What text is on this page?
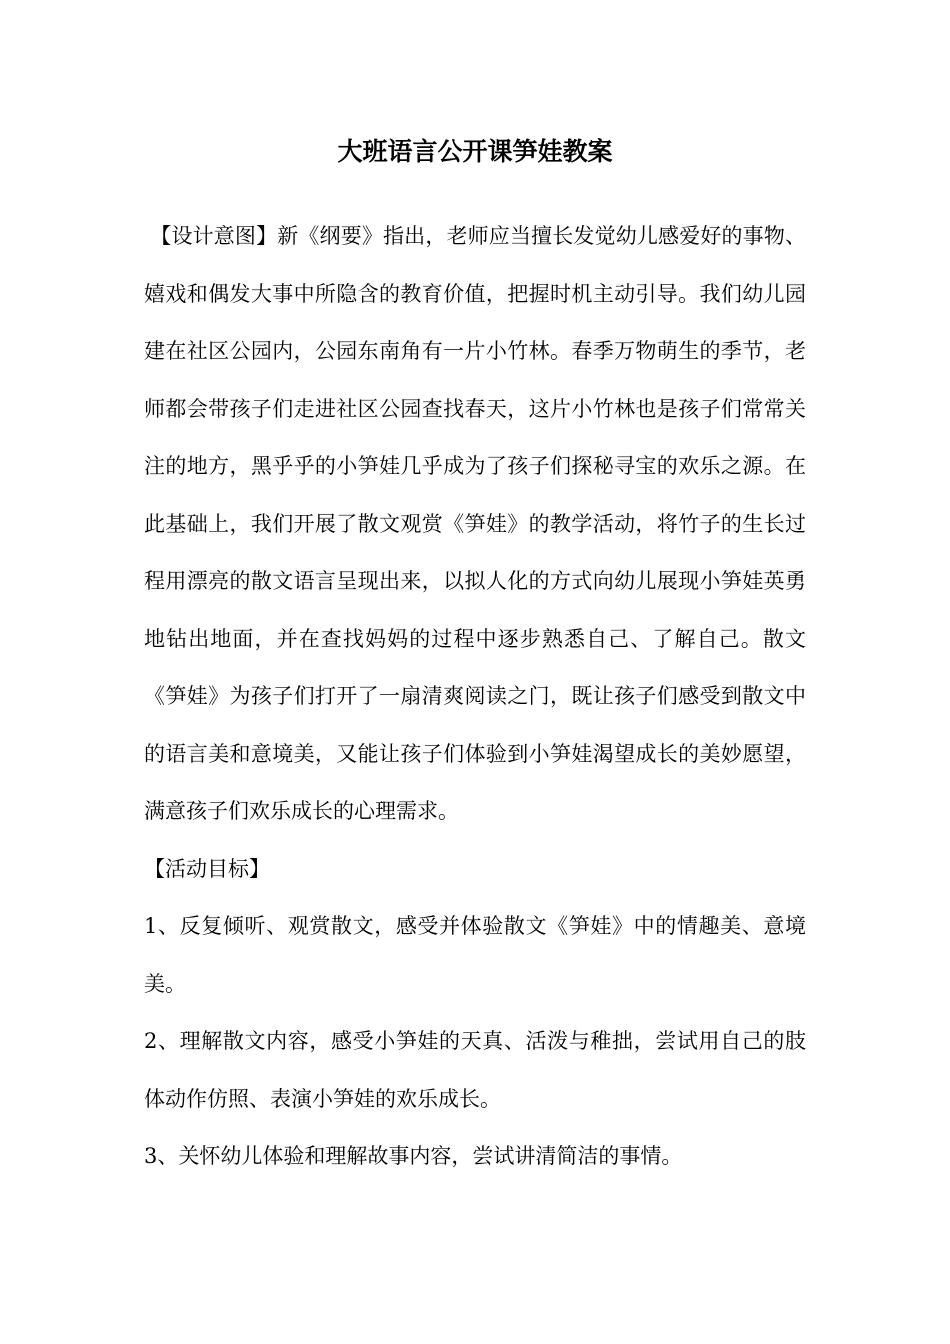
大班语言公开课笋娃教案

【设计意图】新《纲要》指出，老师应当擅长发觉幼儿感爱好的事物、嬉戏和偶发大事中所隐含的教育价值，把握时机主动引导。我们幼儿园建在社区公园内，公园东南角有一片小竹林。春季万物萌生的季节，老师都会带孩子们走进社区公园查找春天，这片小竹林也是孩子们常常关注的地方，黑乎乎的小笋娃几乎成为了孩子们探秘寻宝的欢乐之源。在此基础上，我们开展了散文观赏《笋娃》的教学活动，将竹子的生长过程用漂亮的散文语言呈现出来，以拟人化的方式向幼儿展现小笋娃英勇地钻出地面，并在查找妈妈的过程中逐步熟悉自己、了解自己。散文《笋娃》为孩子们打开了一扇清爽阅读之门，既让孩子们感受到散文中的语言美和意境美，又能让孩子们体验到小笋娃渴望成长的美妙愿望，满意孩子们欢乐成长的心理需求。

【活动目标】

1、反复倾听、观赏散文，感受并体验散文《笋娃》中的情趣美、意境美。

2、理解散文内容，感受小笋娃的天真、活泼与稚拙，尝试用自己的肢体动作仿照、表演小笋娃的欢乐成长。

3、关怀幼儿体验和理解故事内容，尝试讲清简洁的事情。
